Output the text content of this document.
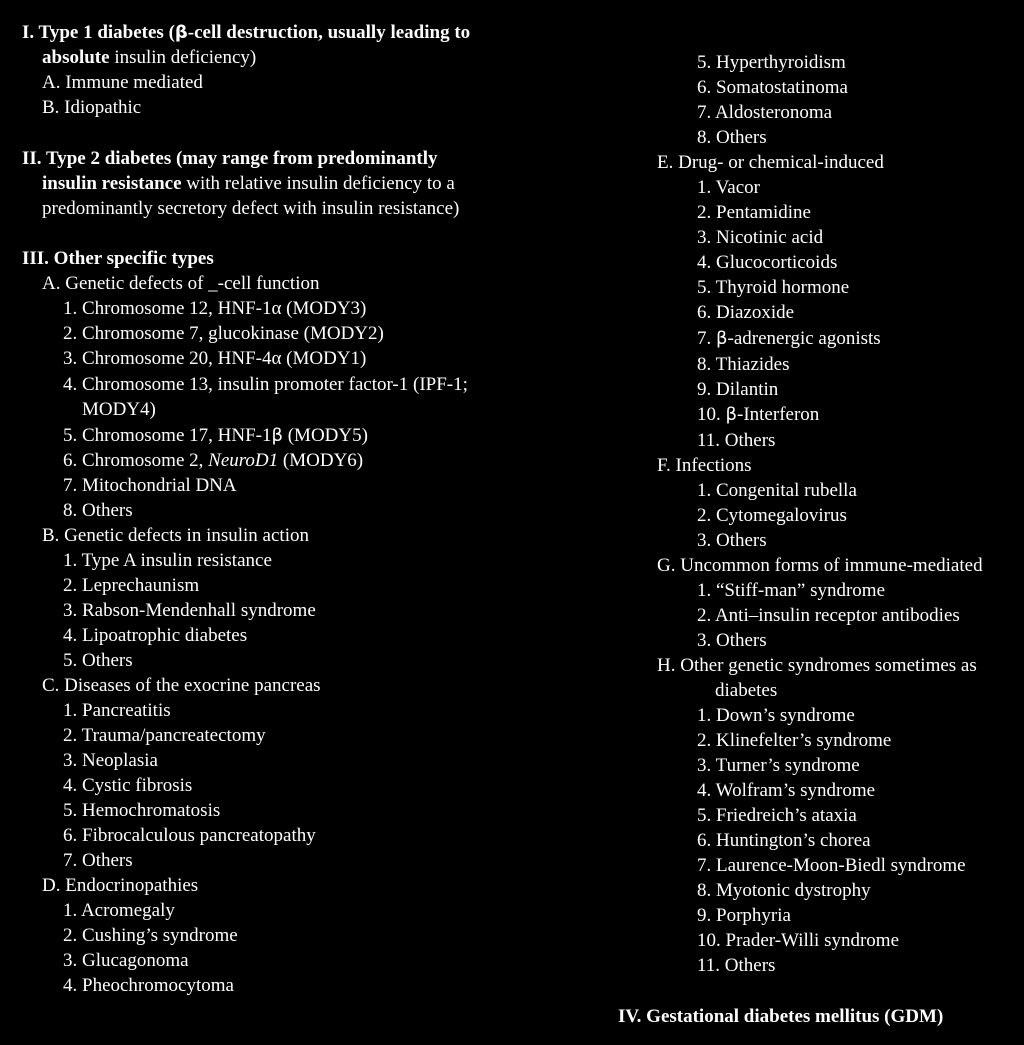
I. Type 1 diabetes (β-cell destruction, usually leading to
absolute insulin deficiency)
A. Immune mediated
B. Idiopathic
II. Type 2 diabetes (may range from predominantly
insulin resistance with relative insulin deficiency to a
predominantly secretory defect with insulin resistance)
III. Other specific types
A. Genetic defects of _-cell function
1. Chromosome 12, HNF-1α (MODY3)
2. Chromosome 7, glucokinase (MODY2)
3. Chromosome 20, HNF-4α (MODY1)
4. Chromosome 13, insulin promoter factor-1 (IPF-1;
MODY4)
5. Chromosome 17, HNF-1β (MODY5)
6. Chromosome 2, NeuroD1 (MODY6)
7. Mitochondrial DNA
8. Others
B. Genetic defects in insulin action
1. Type A insulin resistance
2. Leprechaunism
3. Rabson-Mendenhall syndrome
4. Lipoatrophic diabetes
5. Others
C. Diseases of the exocrine pancreas
1. Pancreatitis
2. Trauma/pancreatectomy
3. Neoplasia
4. Cystic fibrosis
5. Hemochromatosis
6. Fibrocalculous pancreatopathy
7. Others
D. Endocrinopathies
1. Acromegaly
2. Cushing’s syndrome
3. Glucagonoma
4. Pheochromocytoma
5. Hyperthyroidism
6. Somatostatinoma
7. Aldosteronoma
8. Others
E. Drug- or chemical-induced
1. Vacor
2. Pentamidine
3. Nicotinic acid
4. Glucocorticoids
5. Thyroid hormone
6. Diazoxide
7. β-adrenergic agonists
8. Thiazides
9. Dilantin
10. β-Interferon
11. Others
F. Infections
1. Congenital rubella
2. Cytomegalovirus
3. Others
G. Uncommon forms of immune-mediated
1. “Stiff-man” syndrome
2. Anti–insulin receptor antibodies
3. Others
H. Other genetic syndromes sometimes as
diabetes
1. Down’s syndrome
2. Klinefelter’s syndrome
3. Turner’s syndrome
4. Wolfram’s syndrome
5. Friedreich’s ataxia
6. Huntington’s chorea
7. Laurence-Moon-Biedl syndrome
8. Myotonic dystrophy
9. Porphyria
10. Prader-Willi syndrome
11. Others
IV. Gestational diabetes mellitus (GDM)
